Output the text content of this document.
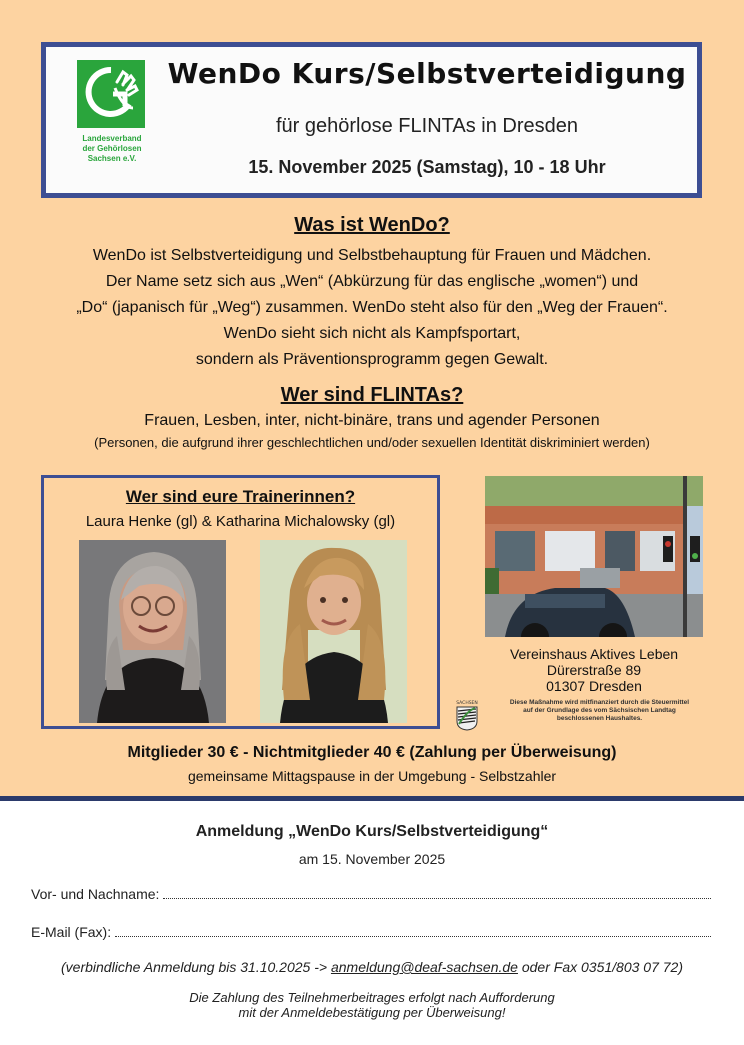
Landesverband
der Gehörlosen
Sachsen e.V.
WenDo Kurs/Selbstverteidigung
für gehörlose FLINTAs in Dresden
15. November 2025 (Samstag), 10 - 18 Uhr
Was ist WenDo?
WenDo ist Selbstverteidigung und Selbstbehauptung für Frauen und Mädchen.
Der Name setz sich aus „Wen“ (Abkürzung für das englische „women“) und
„Do“ (japanisch für „Weg“) zusammen. WenDo steht also für den „Weg der Frauen“.
WenDo sieht sich nicht als Kampfsportart,
sondern als Präventionsprogramm gegen Gewalt.
Wer sind FLINTAs?
Frauen, Lesben, inter, nicht-binäre, trans und agender Personen
(Personen, die aufgrund ihrer geschlechtlichen und/oder sexuellen Identität diskriminiert werden)
Wer sind eure Trainerinnen?
Laura Henke (gl) & Katharina Michalowsky (gl)
Vereinshaus Aktives Leben
Dürerstraße 89
01307 Dresden
SACHSEN	Diese Maßnahme wird mitfinanziert durch die Steuermittel
auf der Grundlage des vom Sächsischen Landtag
beschlossenen Haushaltes.
Mitglieder 30 € - Nichtmitglieder 40 € (Zahlung per Überweisung)
gemeinsame Mittagspause in der Umgebung - Selbstzahler
Anmeldung „WenDo Kurs/Selbstverteidigung“
am 15. November 2025
Vor- und Nachname:
E-Mail (Fax):
(verbindliche Anmeldung bis 31.10.2025 -> anmeldung@deaf-sachsen.de oder Fax 0351/803 07 72)
Die Zahlung des Teilnehmerbeitrages erfolgt nach Aufforderung
mit der Anmeldebestätigung per Überweisung!
